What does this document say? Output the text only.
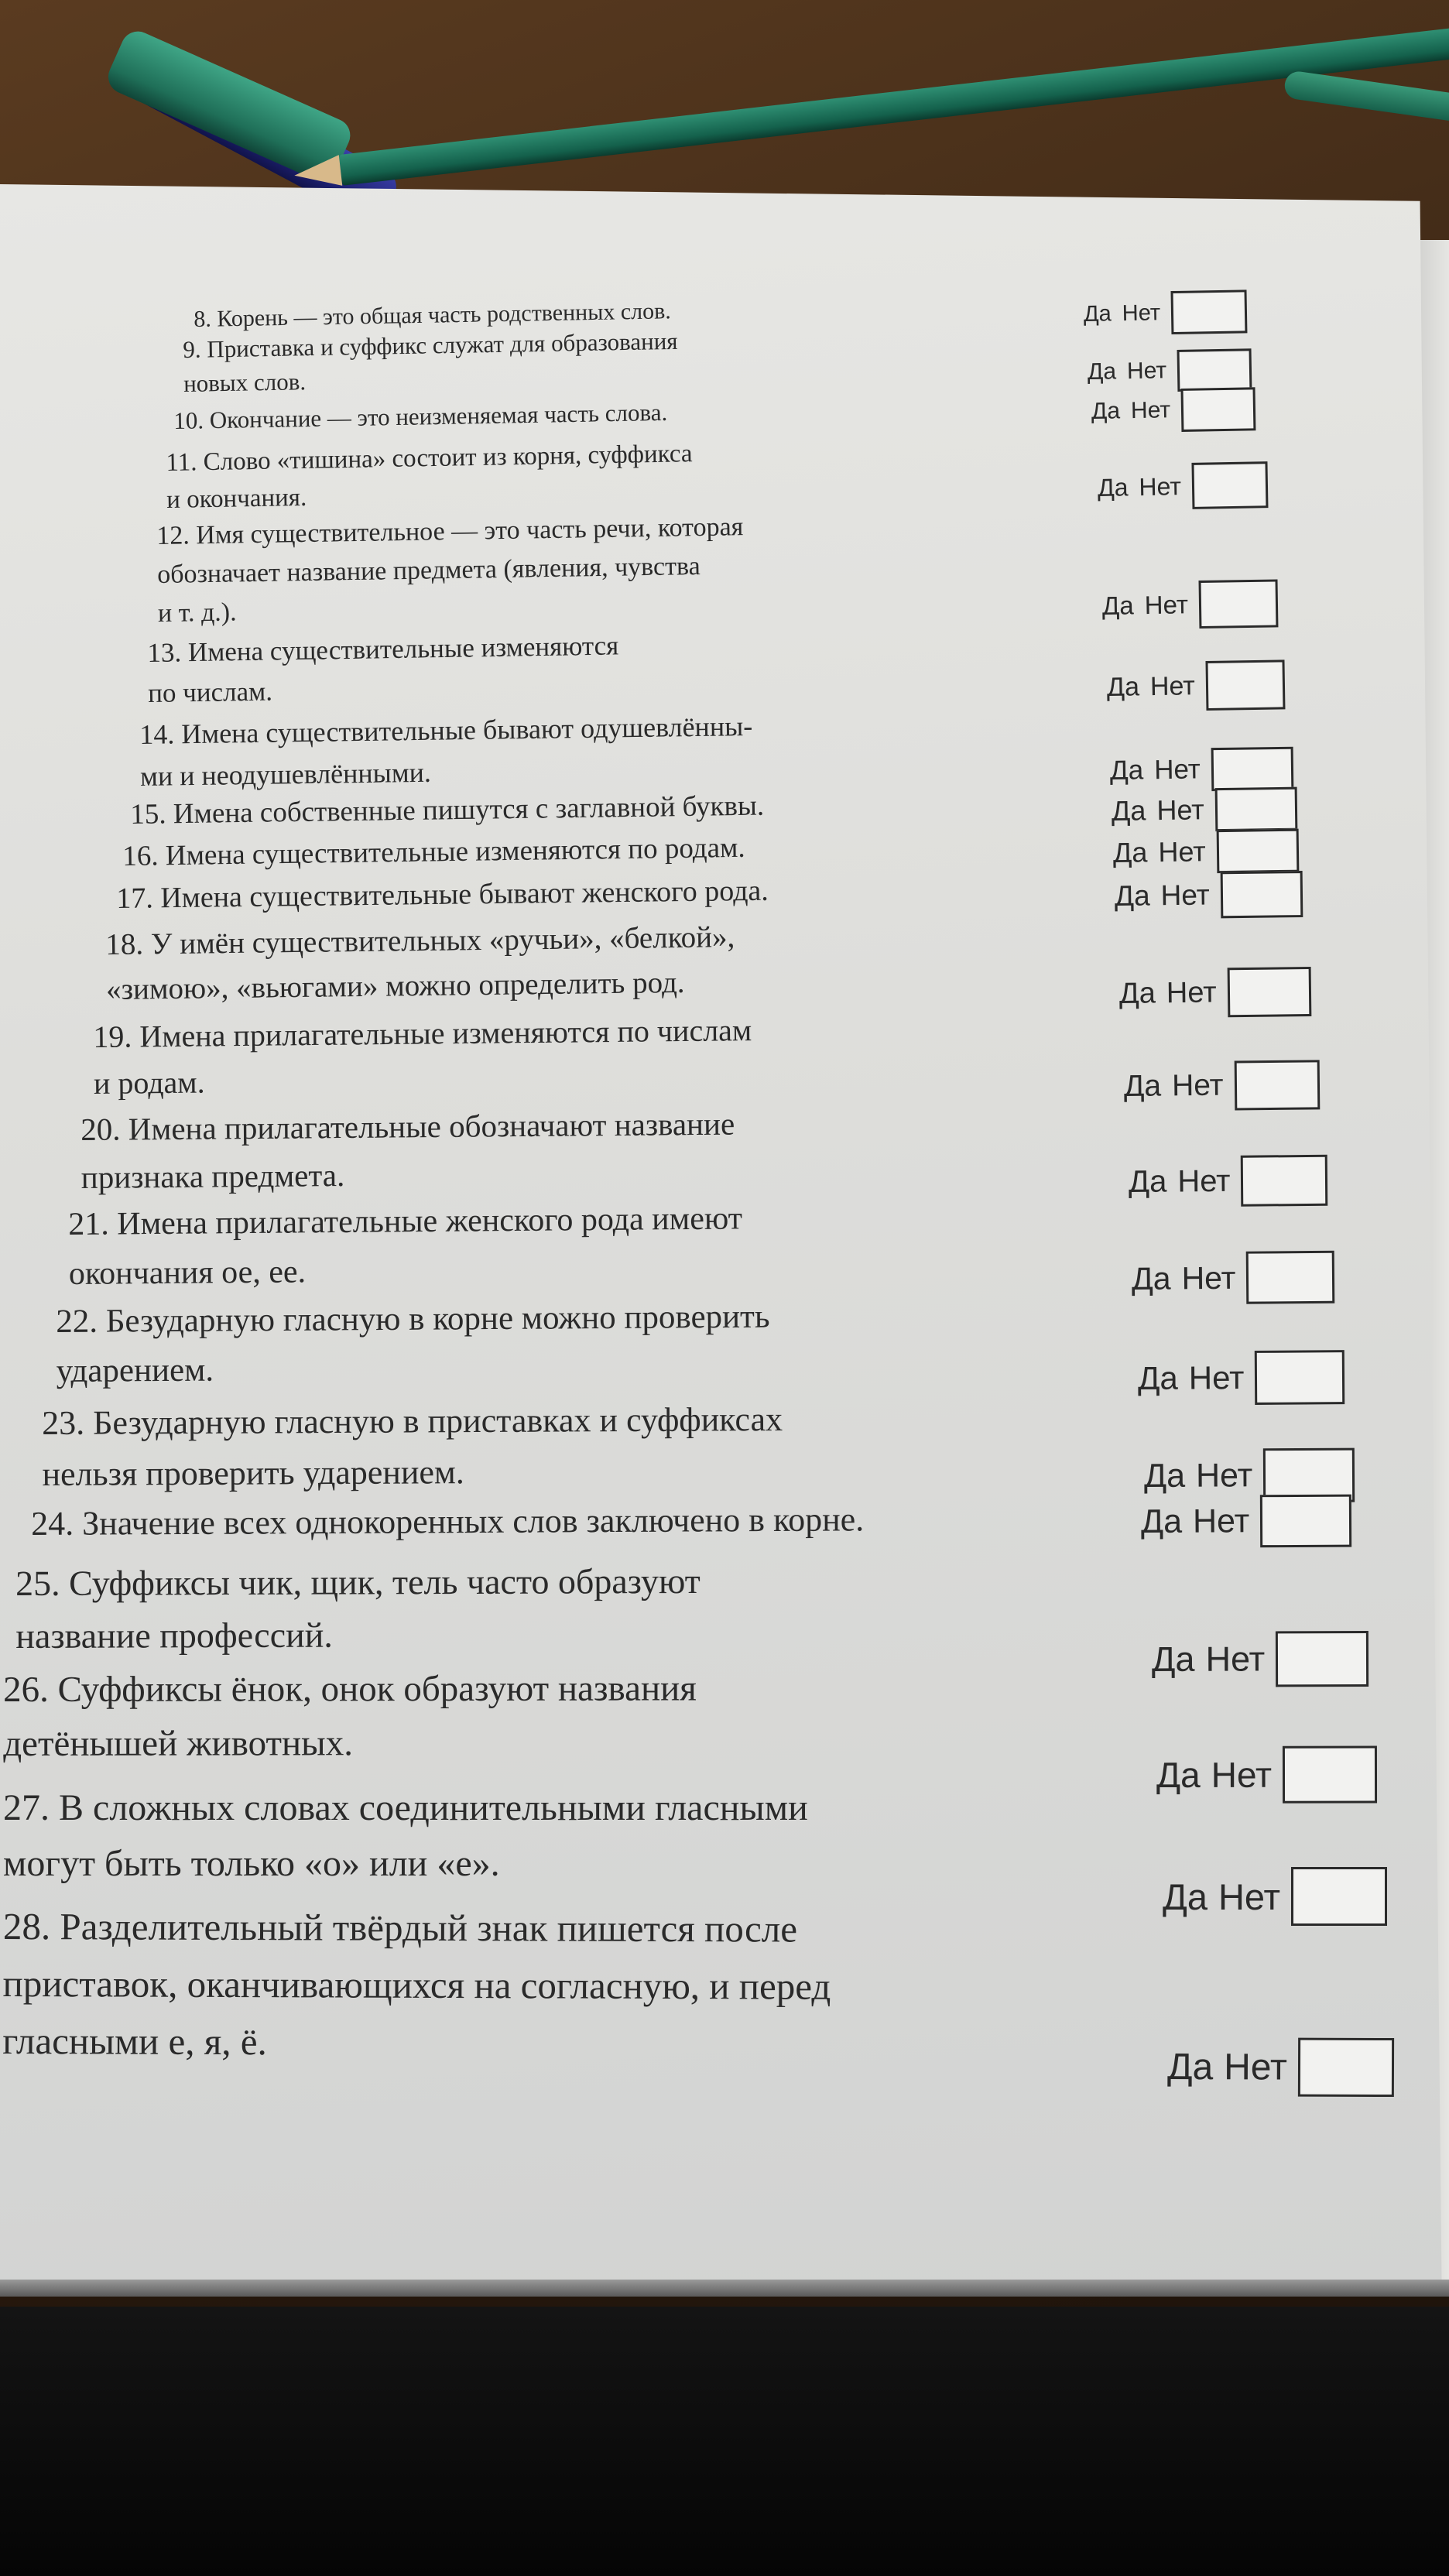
8. Корень — это общая часть родственных слов.	Да Нет
9. Приставка и суффикс служат для образования
новых слов.	Да Нет
10. Окончание — это неизменяемая часть слова.	Да Нет
11. Слово «тишина» состоит из корня, суффикса
и окончания.	Да Нет
12. Имя существительное — это часть речи, которая
обозначает название предмета (явления, чувства
и т. д.).	Да Нет
13. Имена существительные изменяются
по числам.	Да Нет
14. Имена существительные бывают одушевлённы-
ми и неодушевлёнными.	Да Нет
15. Имена собственные пишутся с заглавной буквы.	Да Нет
16. Имена существительные изменяются по родам.	Да Нет
17. Имена существительные бывают женского рода.	Да Нет
18. У имён существительных «ручьи», «белкой»,
«зимою», «вьюгами» можно определить род.	Да Нет
19. Имена прилагательные изменяются по числам
и родам.	Да Нет
20. Имена прилагательные обозначают название
признака предмета.	Да Нет
21. Имена прилагательные женского рода имеют
окончания ое, ее.	Да Нет
22. Безударную гласную в корне можно проверить
ударением.	Да Нет
23. Безударную гласную в приставках и суффиксах
нельзя проверить ударением.	Да Нет
24. Значение всех однокоренных слов заключено в корне.	Да Нет
25. Суффиксы чик, щик, тель часто образуют
название профессий.
Да Нет
26. Суффиксы ёнок, онок образуют названия
детёнышей животных.
Да Нет
27. В сложных словах соединительными гласными
могут быть только «о» или «е».
Да Нет
28. Разделительный твёрдый знак пишется после
приставок, оканчивающихся на согласную, и перед
гласными е, я, ё.
Да Нет
